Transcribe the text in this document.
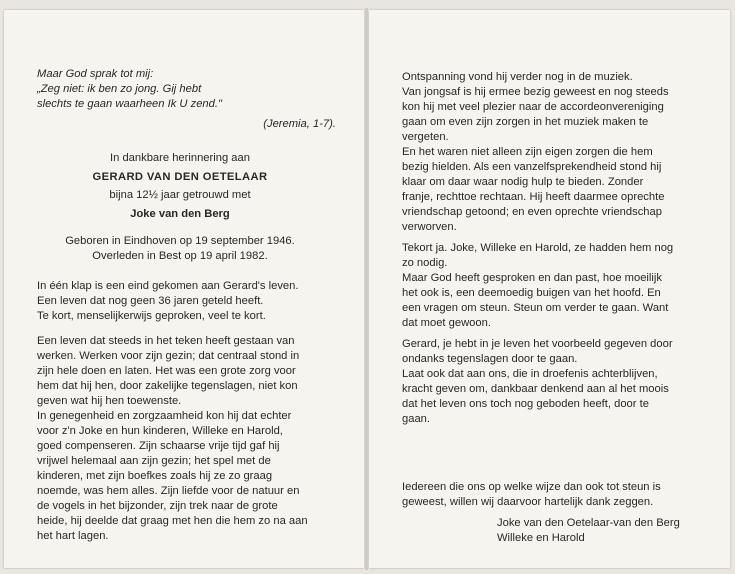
Maar God sprak tot mij:
„Zeg niet: ik ben zo jong. Gij hebt
slechts te gaan waarheen Ik U zend."
(Jeremia, 1-7).
In dankbare herinnering aan
GERARD VAN DEN OETELAAR
bijna 12½ jaar getrouwd met
Joke van den Berg
Geboren in Eindhoven op 19 september 1946.
Overleden in Best op 19 april 1982.
In één klap is een eind gekomen aan Gerard's leven.
Een leven dat nog geen 36 jaren geteld heeft.
Te kort, menselijkerwijs geproken, veel te kort.
Een leven dat steeds in het teken heeft gestaan van
werken. Werken voor zijn gezin; dat centraal stond in
zijn hele doen en laten. Het was een grote zorg voor
hem dat hij hen, door zakelijke tegenslagen, niet kon
geven wat hij hen toewenste.
In genegenheid en zorgzaamheid kon hij dat echter
voor z'n Joke en hun kinderen, Willeke en Harold,
goed compenseren. Zijn schaarse vrije tijd gaf hij
vrijwel helemaal aan zijn gezin; het spel met de
kinderen, met zijn boefkes zoals hij ze zo graag
noemde, was hem alles. Zijn liefde voor de natuur en
de vogels in het bijzonder, zijn trek naar de grote
heide, hij deelde dat graag met hen die hem zo na aan
het hart lagen.
Ontspanning vond hij verder nog in de muziek.
Van jongsaf is hij ermee bezig geweest en nog steeds
kon hij met veel plezier naar de accordeonvereniging
gaan om even zijn zorgen in het muziek maken te
vergeten.
En het waren niet alleen zijn eigen zorgen die hem
bezig hielden. Als een vanzelfsprekendheid stond hij
klaar om daar waar nodig hulp te bieden. Zonder
franje, rechttoe rechtaan. Hij heeft daarmee oprechte
vriendschap getoond; en even oprechte vriendschap
verworven.
Tekort ja. Joke, Willeke en Harold, ze hadden hem nog
zo nodig.
Maar God heeft gesproken en dan past, hoe moeilijk
het ook is, een deemoedig buigen van het hoofd. En
een vragen om steun. Steun om verder te gaan. Want
dat moet gewoon.
Gerard, je hebt in je leven het voorbeeld gegeven door
ondanks tegenslagen door te gaan.
Laat ook dat aan ons, die in droefenis achterblijven,
kracht geven om, dankbaar denkend aan al het moois
dat het leven ons toch nog geboden heeft, door te
gaan.
Iedereen die ons op welke wijze dan ook tot steun is
geweest, willen wij daarvoor hartelijk dank zeggen.
Joke van den Oetelaar-van den Berg
Willeke en Harold
